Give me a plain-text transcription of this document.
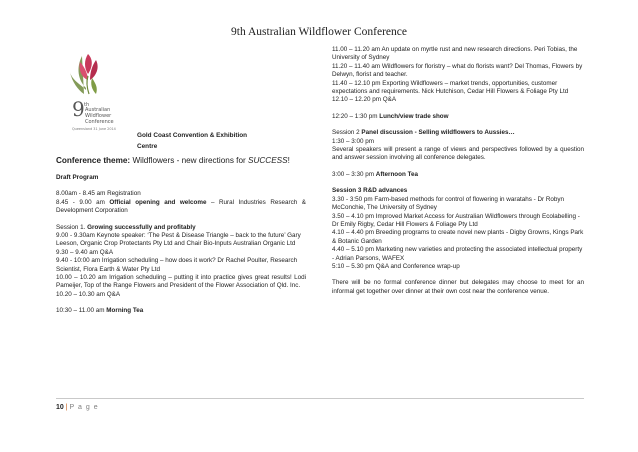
9th Australian Wildflower Conference
9 th
Australian
Wildflower
Conference
Queensland 31 June 2014
Gold Coast Convention & Exhibition Centre
Conference theme: Wildflowers - new directions for SUCCESS!
Draft Program
8.00am - 8.45 am Registration
8.45 - 9.00 am Official opening and welcome – Rural Industries Research & Development Corporation
Session 1. Growing successfully and profitably
9.00 - 9.30am Keynote speaker: ‘The Pest & Disease Triangle – back to the future’ Gary Leeson, Organic Crop Protectants Pty Ltd and Chair Bio-Inputs Australian Organic Ltd
9.30 – 9.40 am Q&A
9.40 - 10:00 am Irrigation scheduling – how does it work? Dr Rachel Poulter, Research Scientist, Flora Earth & Water Pty Ltd
10.00 – 10.20 am Irrigation scheduling – putting it into practice gives great results! Lodi Pameijer, Top of the Range Flowers and President of the Flower Association of Qld. Inc.
10.20 – 10.30 am Q&A
10:30 – 11.00 am Morning Tea
11.00 – 11.20 am An update on myrtle rust and new research directions. Peri Tobias, the University of Sydney
11.20 – 11.40 am Wildflowers for floristry – what do florists want? Del Thomas, Flowers by Delwyn, florist and teacher.
11.40 – 12.10 pm Exporting Wildflowers – market trends, opportunities, customer expectations and requirements. Nick Hutchison, Cedar Hill Flowers & Foliage Pty Ltd
12.10 – 12.20 pm Q&A
12:20 – 1:30 pm Lunch/view trade show
Session 2 Panel discussion - Selling wildflowers to Aussies…
1:30 – 3:00 pm
Several speakers will present a range of views and perspectives followed by a question and answer session involving all conference delegates.
3:00 – 3:30 pm Afternoon Tea
Session 3 R&D advances
3.30 - 3:50 pm Farm-based methods for control of flowering in waratahs - Dr Robyn McConchie, The University of Sydney
3.50 – 4.10 pm Improved Market Access for Australian Wildflowers through Ecolabelling - Dr Emily Rigby, Cedar Hill Flowers & Foliage Pty Ltd
4.10 – 4.40 pm Breeding programs to create novel new plants - Digby Growns, Kings Park & Botanic Garden
4.40 – 5.10 pm Marketing new varieties and protecting the associated intellectual property - Adrian Parsons, WAFEX
5:10 – 5.30 pm Q&A and Conference wrap-up
There will be no formal conference dinner but delegates may choose to meet for an informal get together over dinner at their own cost near the conference venue.
10 | P a g e
